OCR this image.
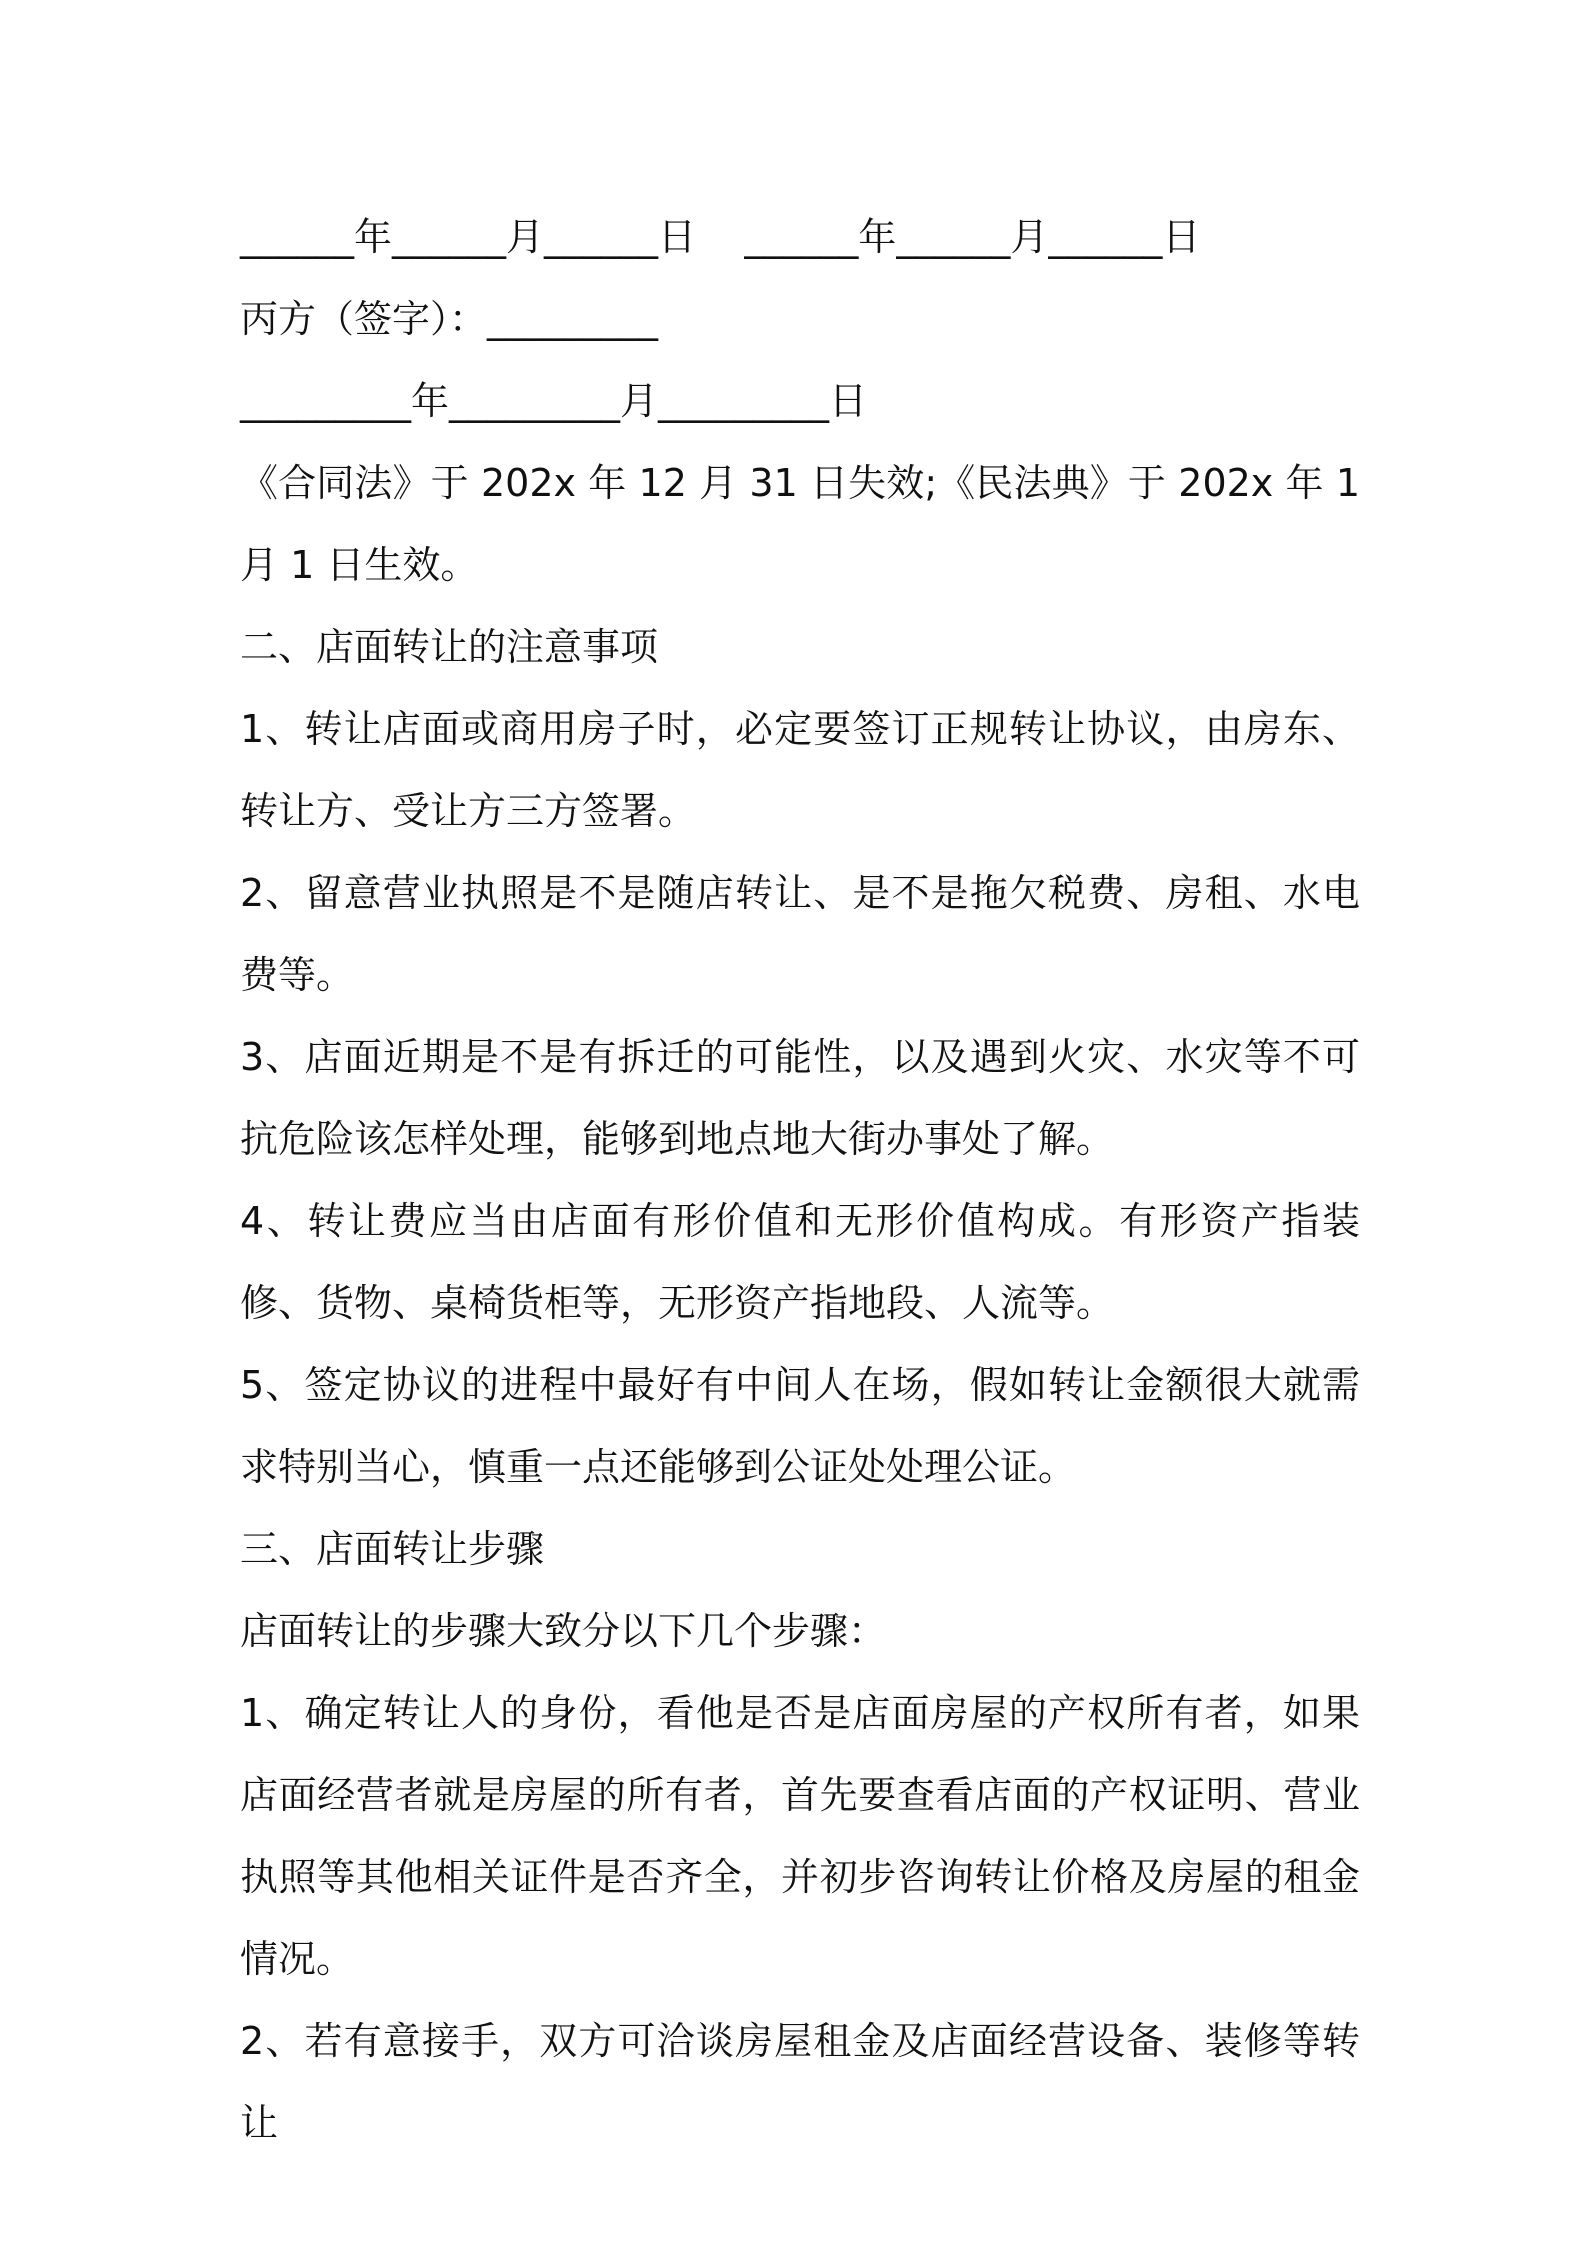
______年______月______日    ______年______月______日

丙方（签字）：_________

_________年_________月_________日

《合同法》于 202x 年 12 月 31 日失效;《民法典》于 202x 年 1 月 1 日生效。

二、店面转让的注意事项

1、转让店面或商用房子时，必定要签订正规转让协议，由房东、转让方、受让方三方签署。

2、留意营业执照是不是随店转让、是不是拖欠税费、房租、水电费等。

3、店面近期是不是有拆迁的可能性，以及遇到火灾、水灾等不可抗危险该怎样处理，能够到地点地大街办事处了解。

4、转让费应当由店面有形价值和无形价值构成。有形资产指装修、货物、桌椅货柜等，无形资产指地段、人流等。

5、签定协议的进程中最好有中间人在场，假如转让金额很大就需求特别当心，慎重一点还能够到公证处处理公证。

三、店面转让步骤

店面转让的步骤大致分以下几个步骤：

1、确定转让人的身份，看他是否是店面房屋的产权所有者，如果店面经营者就是房屋的所有者，首先要查看店面的产权证明、营业执照等其他相关证件是否齐全，并初步咨询转让价格及房屋的租金情况。

2、若有意接手，双方可洽谈房屋租金及店面经营设备、装修等转让
